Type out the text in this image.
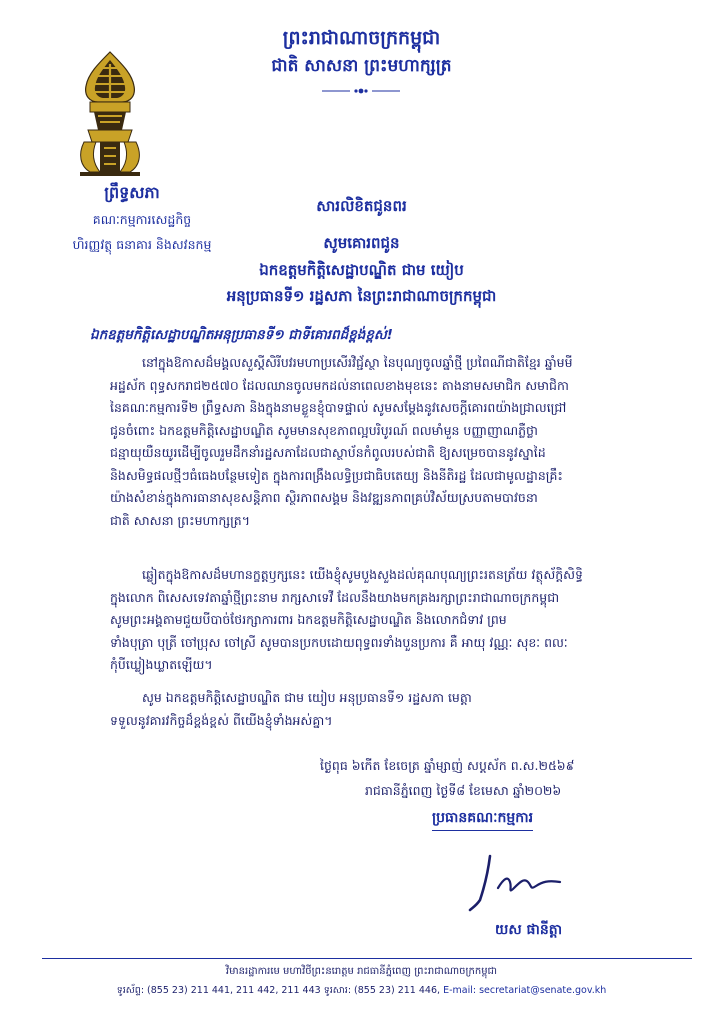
ព្រះរាជាណាចក្រកម្ពុជា
ជាតិ សាសនា ព្រះមហាក្សត្រ
ព្រឹទ្ធសភា
គណៈកម្មការសេដ្ឋកិច្ច
ហិរញ្ញវត្ថុ ធនាគារ និងសវនកម្ម
សារលិខិតជូនពរ
សូមគោរពជូន
ឯកឧត្តមកិត្តិសេដ្ឋាបណ្ឌិត ជាម យៀប
អនុប្រធានទី១ រដ្ឋសភា នៃព្រះរាជាណាចក្រកម្ពុជា
ឯកឧត្តមកិត្តិសេដ្ឋាបណ្ឌិតអនុប្រធានទី១ ជាទីគោរពដ៏ខ្ពង់ខ្ពស់!
នៅក្នុងឱកាសដ៏មង្គលសួស្តីសិរីបវរមហាប្រសើរវិជ្ជ័ស្ថា នៃបុណ្យចូលឆ្នាំថ្មី ប្រពៃណីជាតិខ្មែរ ឆ្នាំមមី
អដ្ឋស័ក ពុទ្ធសករាជ២៥៧០ ដែលឈានចូលមកដល់នាពេលខាងមុខនេះ តាងនាមសមាជិក សមាជិកា
នៃគណៈកម្មការទី២ ព្រឹទ្ធសភា និងក្នុងនាមខ្លួនខ្ញុំបាទផ្ទាល់ សូមសម្តែងនូវសេចក្តីគោរពយ៉ាងជ្រាលជ្រៅ
ជូនចំពោះ ឯកឧត្តមកិត្តិសេដ្ឋាបណ្ឌិត សូមមានសុខភាពល្អបរិបូរណ៍ ពលមាំមួន បញ្ញាញាណភ្លឺថ្លា
ជន្មាយុយឺនយូរដើម្បីចូលរួមដឹកនាំរដ្ឋសភាដែលជាស្ថាប័នកំពូលរបស់ជាតិ ឱ្យសម្រេចបាននូវស្នាដៃ
និងសមិទ្ធផលថ្មីៗធំធេងបន្ថែមទៀត ក្នុងការពង្រឹងលទ្ធិប្រជាធិបតេយ្យ និងនីតិរដ្ឋ ដែលជាមូលដ្ឋានគ្រឹះ
យ៉ាងសំខាន់ក្នុងការធានាសុខសន្តិភាព ស្ថិរភាពសង្គម និងវឌ្ឍនភាពគ្រប់វិស័យស្របតាមបាវចនា
ជាតិ សាសនា ព្រះមហាក្សត្រ។
ឆ្លៀតក្នុងឱកាសដ៏មហានក្ខត្តឫក្សនេះ យើងខ្ញុំសូមបួងសួងដល់គុណបុណ្យព្រះរតនត្រ័យ វត្ថុស័ក្តិសិទ្ធិ
ក្នុងលោក ពិសេសទេវតាឆ្នាំថ្មីព្រះនាម រាក្សសាទេវី ដែលនឹងយាងមកគ្រងរក្សាព្រះរាជាណាចក្រកម្ពុជា
សូមព្រះអង្គតាមជួយបីបាច់ថែរក្សាការពារ ឯកឧត្តមកិត្តិសេដ្ឋាបណ្ឌិត និងលោកជំទាវ ព្រម
ទាំងបុត្រា បុត្រី ចៅប្រុស ចៅស្រី សូមបានប្រកបដោយពុទ្ធពរទាំងបួនប្រការ គឺ អាយុ វណ្ណៈ សុខៈ ពលៈ
កុំបីឃ្លៀងឃ្លាតឡើយ។
សូម ឯកឧត្តមកិត្តិសេដ្ឋាបណ្ឌិត ជាម យៀប អនុប្រធានទី១ រដ្ឋសភា មេត្តា
ទទួលនូវគារវកិច្ចដ៏ខ្ពង់ខ្ពស់ ពីយើងខ្ញុំទាំងអស់គ្នា។
ថ្ងៃពុធ ៦កើត ខែចេត្រ ឆ្នាំម្សាញ់ សប្តស័ក ព.ស.២៥៦៩
រាជធានីភ្នំពេញ ថ្ងៃទី៨ ខែមេសា ឆ្នាំ២០២៦
ប្រធានគណៈកម្មការ
យស ផានីត្តា
វិមានរដ្ឋាការមេ មហាវិថីព្រះនរោត្តម រាជធានីភ្នំពេញ ព្រះរាជាណាចក្រកម្ពុជា
ទូរស័ព្ទ: (855 23) 211 441, 211 442, 211 443 ទូរសារ: (855 23) 211 446, E-mail: secretariat@senate.gov.kh
